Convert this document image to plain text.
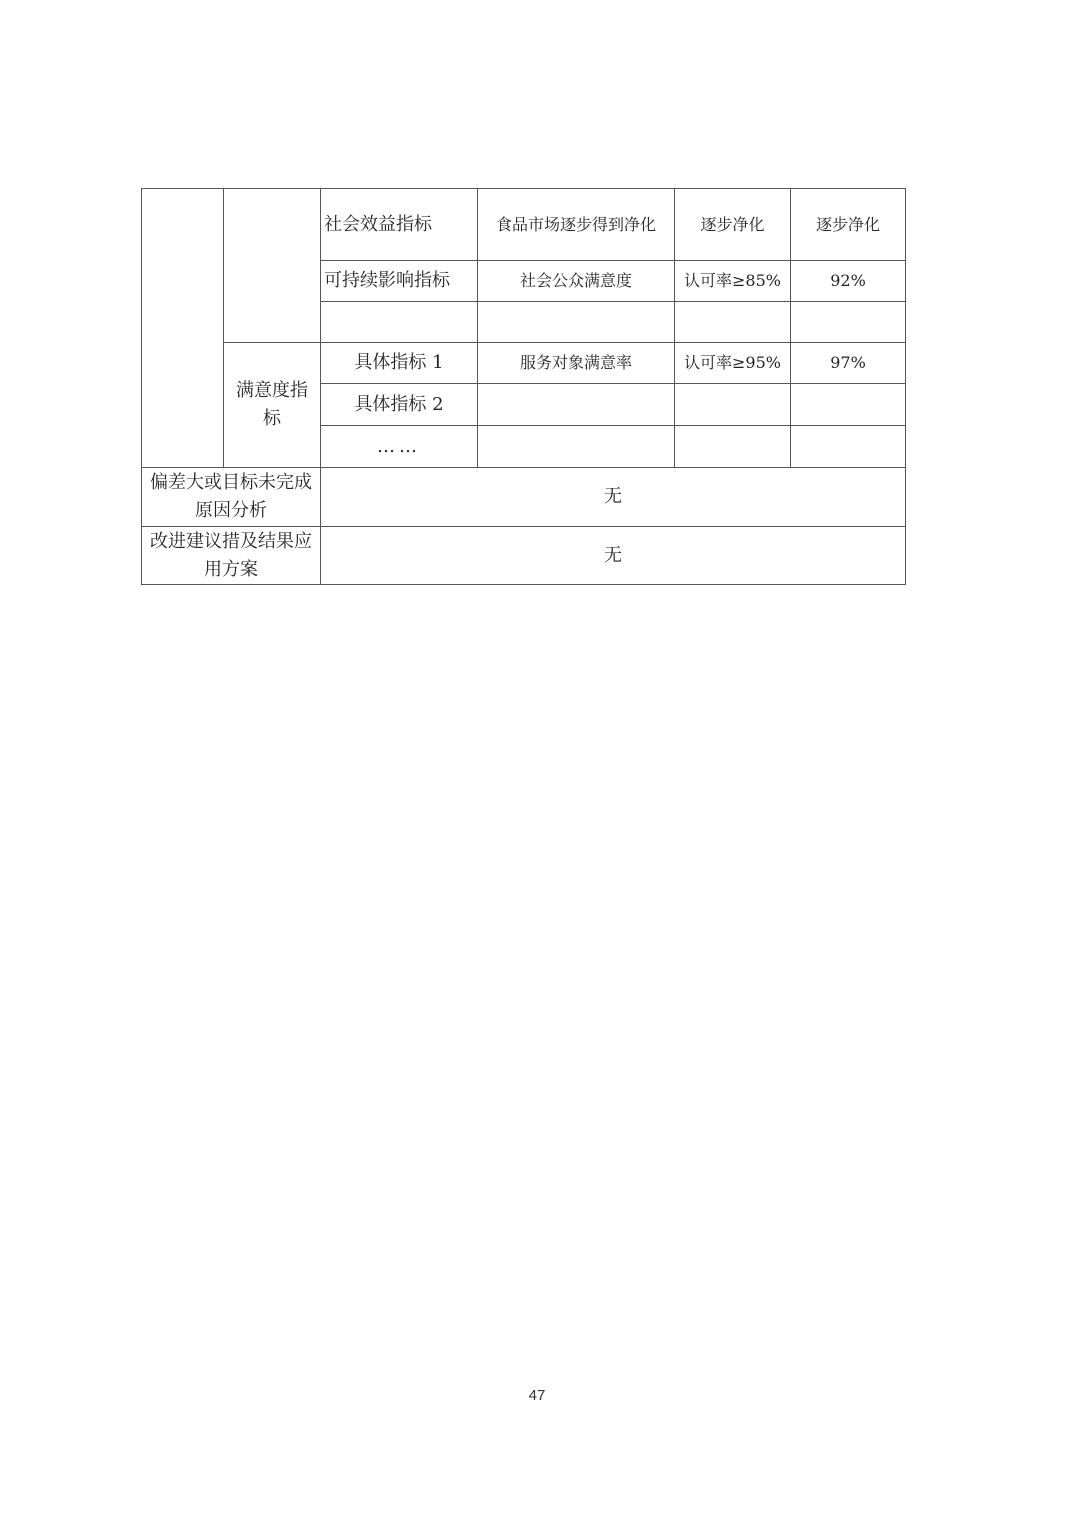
		社会效益指标	食品市场逐步得到净化	逐步净化	逐步净化
		可持续影响指标	社会公众满意度	认可率≥85%	92%

	满意度指标	具体指标 1	服务对象满意率	认可率≥95%	97%
		具体指标 2			
		……			
偏差大或目标未完成原因分析		无			
改进建议措及结果应用方案		无			
47
